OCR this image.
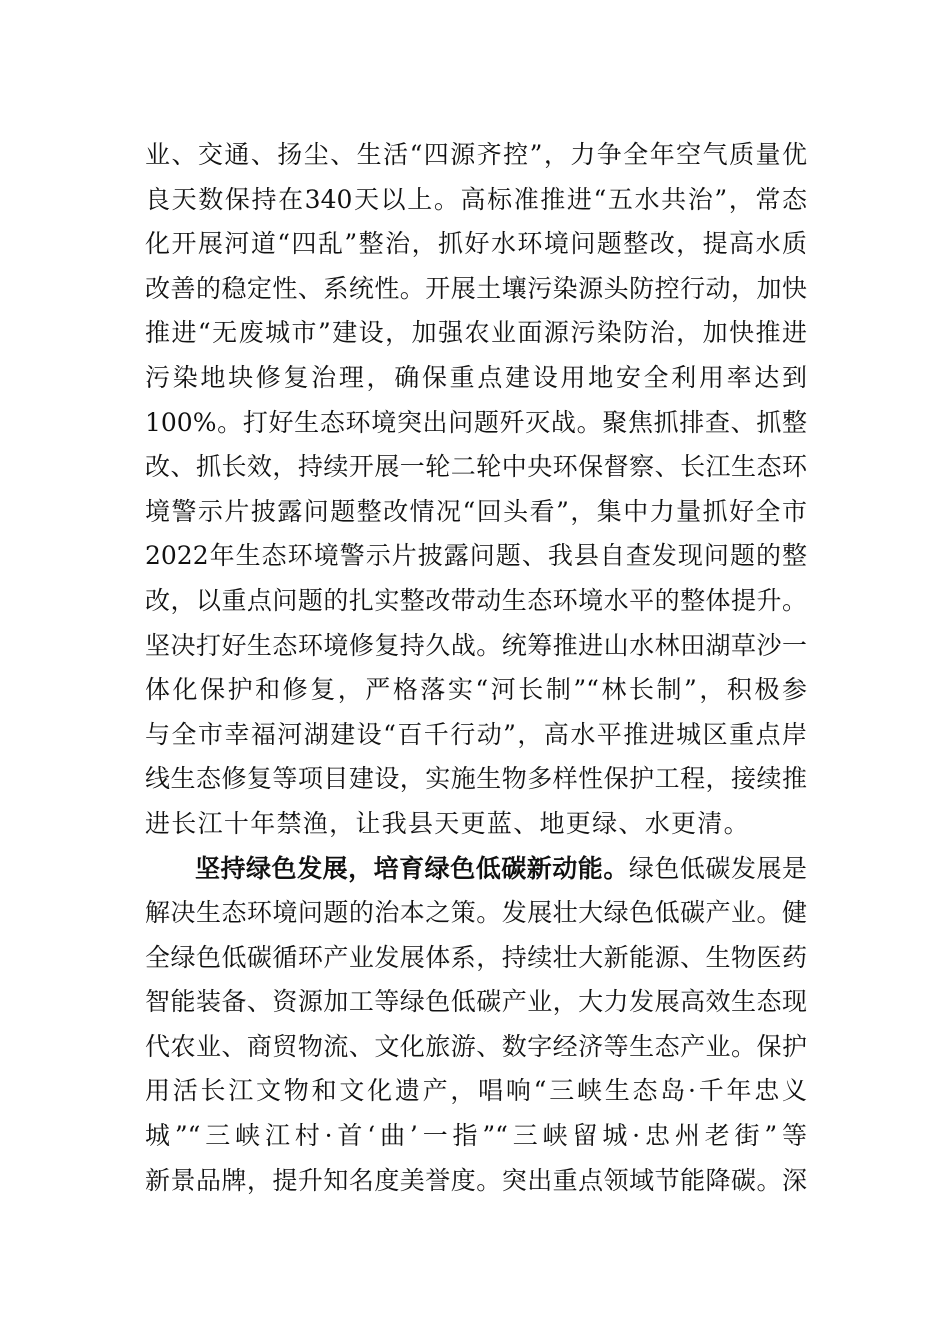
业、交通、扬尘、生活“四源齐控”，力争全年空气质量优
良天数保持在340天以上。高标准推进“五水共治”，常态
化开展河道“四乱”整治，抓好水环境问题整改，提高水质
改善的稳定性、系统性。开展土壤污染源头防控行动，加快
推进“无废城市”建设，加强农业面源污染防治，加快推进
污染地块修复治理，确保重点建设用地安全利用率达到
100%。打好生态环境突出问题歼灭战。聚焦抓排查、抓整
改、抓长效，持续开展一轮二轮中央环保督察、长江生态环
境警示片披露问题整改情况“回头看”，集中力量抓好全市
2022年生态环境警示片披露问题、我县自查发现问题的整
改，以重点问题的扎实整改带动生态环境水平的整体提升。
坚决打好生态环境修复持久战。统筹推进山水林田湖草沙一
体化保护和修复，严格落实“河长制”“林长制”，积极参
与全市幸福河湖建设“百千行动”，高水平推进城区重点岸
线生态修复等项目建设，实施生物多样性保护工程，接续推
进长江十年禁渔，让我县天更蓝、地更绿、水更清。
坚持绿色发展，培育绿色低碳新动能。绿色低碳发展是
解决生态环境问题的治本之策。发展壮大绿色低碳产业。健
全绿色低碳循环产业发展体系，持续壮大新能源、生物医药
智能装备、资源加工等绿色低碳产业，大力发展高效生态现
代农业、商贸物流、文化旅游、数字经济等生态产业。保护
用活长江文物和文化遗产，唱响“三峡生态岛·千年忠义
城”“三峡江村·首‘曲’一指”“三峡留城·忠州老街”等
新景品牌，提升知名度美誉度。突出重点领域节能降碳。深
